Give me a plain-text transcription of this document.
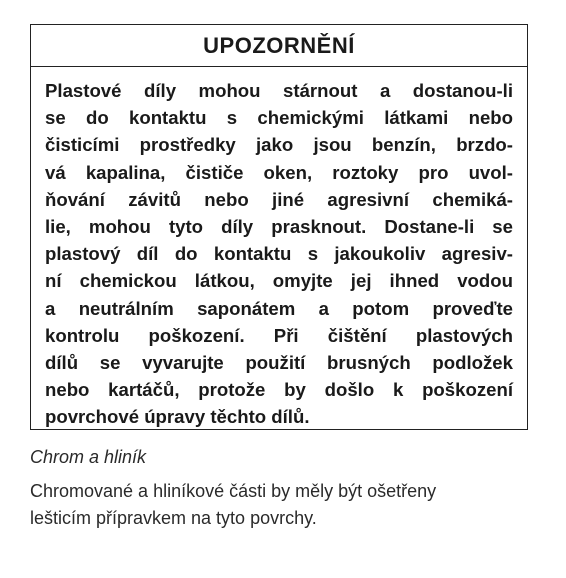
UPOZORNĚNÍ
Plastové díly mohou stárnout a dostanou-li
se do kontaktu s chemickými látkami nebo
čisticími prostředky jako jsou benzín, brzdo-
vá kapalina, čističe oken, roztoky pro uvol-
ňování závitů nebo jiné agresivní chemiká-
lie, mohou tyto díly prasknout. Dostane-li se
plastový díl do kontaktu s jakoukoliv agresiv-
ní chemickou látkou, omyjte jej ihned vodou
a neutrálním saponátem a potom proveďte
kontrolu poškození. Při čištění plastových
dílů se vyvarujte použití brusných podložek
nebo kartáčů, protože by došlo k poškození
povrchové úpravy těchto dílů.
Chrom a hliník
Chromované a hliníkové části by měly být ošetřeny
lešticím přípravkem na tyto povrchy.
